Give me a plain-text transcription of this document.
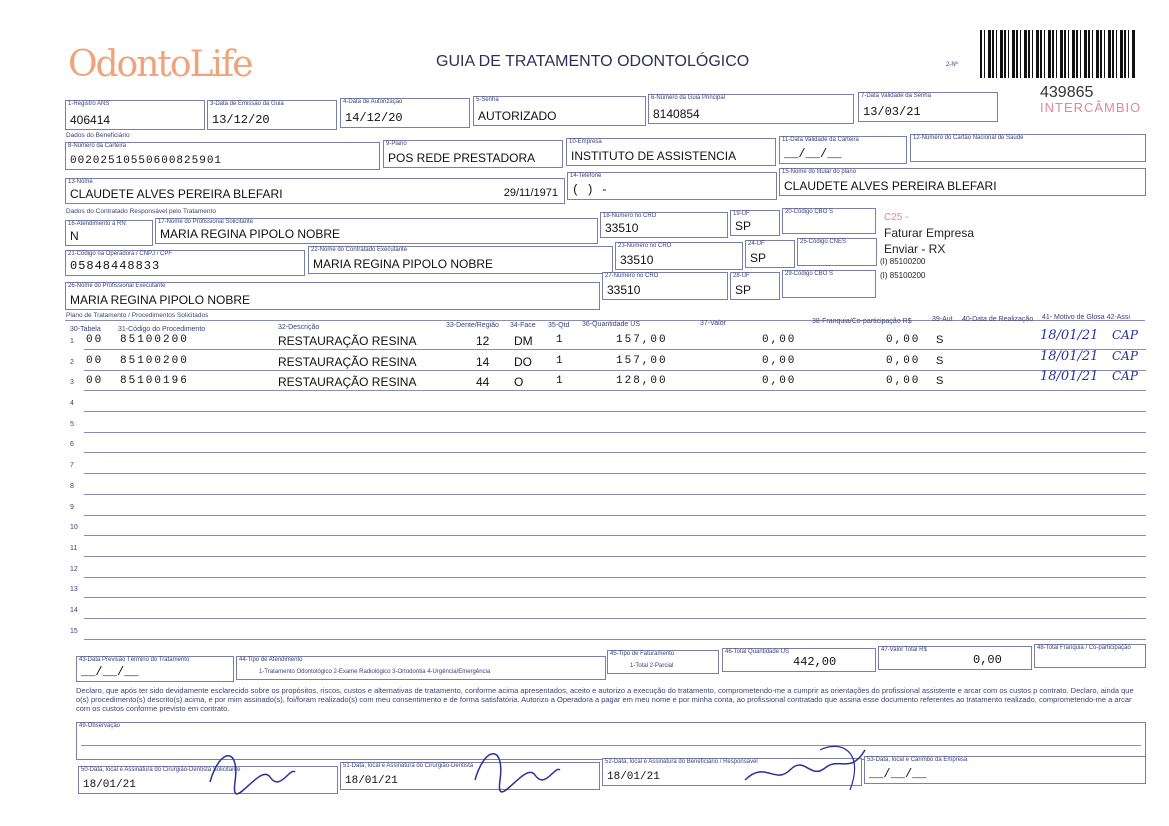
OdontoLife	GUIA DE TRATAMENTO ODONTOLÓGICO	2-Nº
439865
INTERCÂMBIO
1-Registro ANS
406414
3-Data de Emissão da Guia
13/12/20
4-Data de Autorização
14/12/20
5-Senha
AUTORIZADO
6-Número da Guia Principal
8140854
7-Data Validade da Senha
13/03/21
Dados do Beneficiário
8-Número da Carteira
00202510550600825901
9-Plano
POS REDE PRESTADORA
10-Empresa
INSTITUTO DE ASSISTENCIA
11-Data Validade da Carteira
__/__/__
12-Número do Cartão Nacional de Saúde
13-Nome
CLAUDETE ALVES PEREIRA BLEFARI	29/11/1971
14-Telefone
( ) -
15-Nome do titular do plano
CLAUDETE ALVES PEREIRA BLEFARI
Dados do Contratado Responsável pelo Tratamento
16-Atendimento a RN
N
17-Nome do Profissional Solicitante
MARIA REGINA PIPOLO NOBRE
18-Número no CRO
33510
19-UF
SP
20-Código CBO S
21-Código na Operadora / CNPJ / CPF
05848448833
22-Nome do Contratado Executante
MARIA REGINA PIPOLO NOBRE
23-Número no CRO
33510
24-UF
SP
25-Código CNES
26-Nome do Profissional Executante
MARIA REGINA PIPOLO NOBRE
27-Número no CRO
33510
28-UF
SP
29-Código CBO S
C25 -
Faturar Empresa
Enviar - RX
(I) 85100200
(I) 85100200
Plano de Tratamento / Procedimentos Solicitados
30-Tabela 31-Código do Procedimento	32-Descrição	33-Dente/Região 34-Face 35-Qtd 36-Quantidade US	37-Valor	38-Franquia/Co-participação R$	39-Aut 40-Data de Realização 41- Motivo de Glosa 42-Assi
1 00 85100200	RESTAURAÇÃO RESINA	12 DM 1	157,00	0,00	0,00 S	18/01/21 CAP
2 00 85100200	RESTAURAÇÃO RESINA	14 DO 1	157,00	0,00	0,00 S	18/01/21 CAP
3 00 85100196	RESTAURAÇÃO RESINA	44 O	1	128,00	0,00	0,00 S	18/01/21 CAP
4
5
6
7
8
9
10
11
12
13
14
15
43-Data Previsão Término do Tratamento
__/__/__
44-Tipo de Atendimento
1-Tratamento Odontológico 2-Exame Radiológico 3-Ortodontia 4-Urgência/Emergência
45-Tipo de Faturamento
1-Total 2-Parcial
46-Total Quantidade US
442,00
47-Valor Total R$
0,00
48-Total Franquia / Co-participação
Declaro, que após ter sido devidamente esclarecido sobre os propósitos, riscos, custos e alternativas de tratamento, conforme acima apresentados, aceito e autorizo a execução do tratamento, comprometendo-me a cumprir as orientações do profissional assistente e arcar com os custos p contrato. Declaro, ainda que o(s) procedimento(s) descrito(s) acima, e por mim assinado(s), foi/foram realizado(s) com meu consentimento e de forma satisfatória. Autorizo a Operadora a pagar em meu nome e por minha conta, ao profissional contratado que assina esse documento referentes ao tratamento realizado, comprometendo-me a arcar com os custos conforme previsto em contrato.
49-Observação
50-Data, local e Assinatura do Cirurgião-Dentista Solicitante
18/01/21
51-Data, local e Assinatura do Cirurgião-Dentista
18/01/21
52-Data, local e Assinatura do Beneficiário / Responsável
18/01/21
53-Data, local e Carimbo da Empresa
__/__/__
